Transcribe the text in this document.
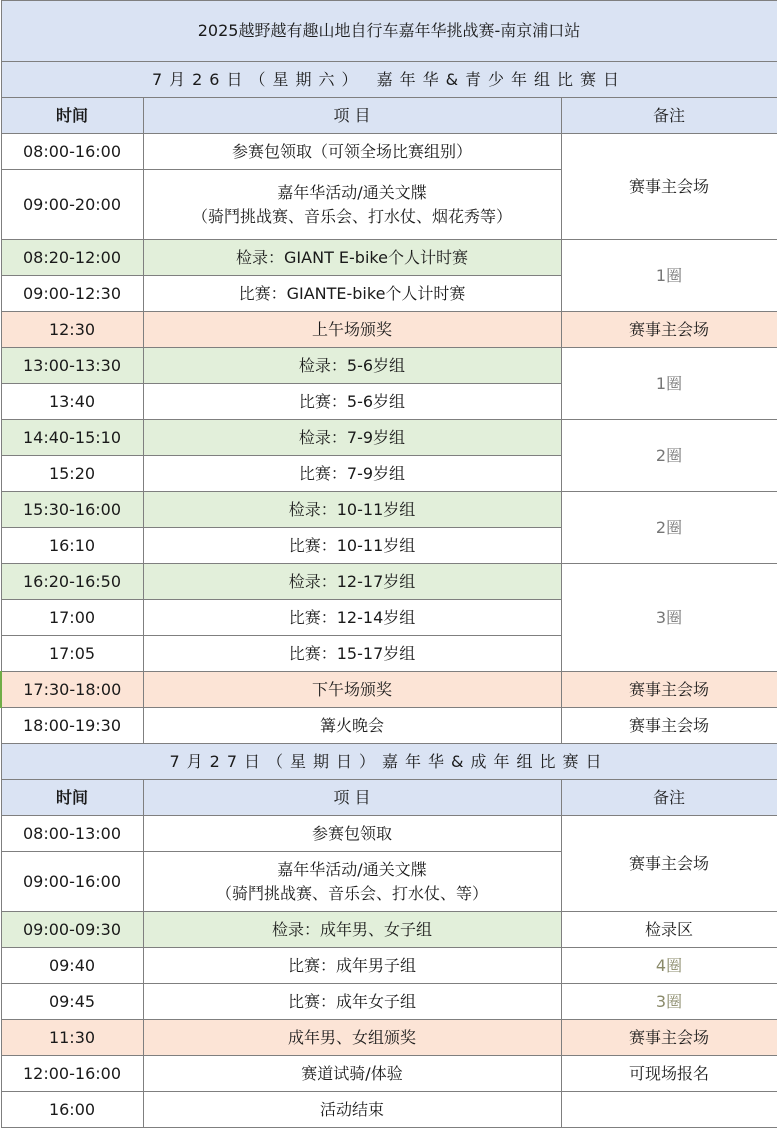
2025越野越有趣山地自行车嘉年华挑战赛-南京浦口站		
7月26日（星期六） 嘉年华&青少年组比赛日		
时间	项 目	备注
08:00-16:00	参赛包领取（可领全场比赛组别）	赛事主会场
09:00-20:00	嘉年华活动/通关文牒
（骑鬥挑战赛、音乐会、打水仗、烟花秀等）	

08:20-12:00	检录：GIANT E-bike个人计时赛	1圈
09:00-12:30	比赛：GIANTE-bike个人计时赛	
12:30	上午场颁奖	赛事主会场
13:00-13:30	检录：5-6岁组	1圈
13:40	比赛：5-6岁组	
14:40-15:10	检录：7-9岁组	2圈
15:20	比赛：7-9岁组	
15:30-16:00	检录：10-11岁组	2圈
16:10	比赛：10-11岁组	
16:20-16:50	检录：12-17岁组	3圈
17:00	比赛：12-14岁组	
17:05	比赛：15-17岁组	
17:30-18:00	下午场颁奖	赛事主会场
18:00-19:30	篝火晚会	赛事主会场
7月27日（星期日）嘉年华&成年组比赛日		
时间	项 目	备注
08:00-13:00	参赛包领取	赛事主会场
09:00-16:00	嘉年华活动/通关文牒
（骑鬥挑战赛、音乐会、打水仗、等）	

09:00-09:30	检录：成年男、女子组	检录区
09:40	比赛：成年男子组	4圈
09:45	比赛：成年女子组	3圈
11:30	成年男、女组颁奖	赛事主会场
12:00-16:00	赛道试骑/体验	可现场报名
16:00	活动结束	
